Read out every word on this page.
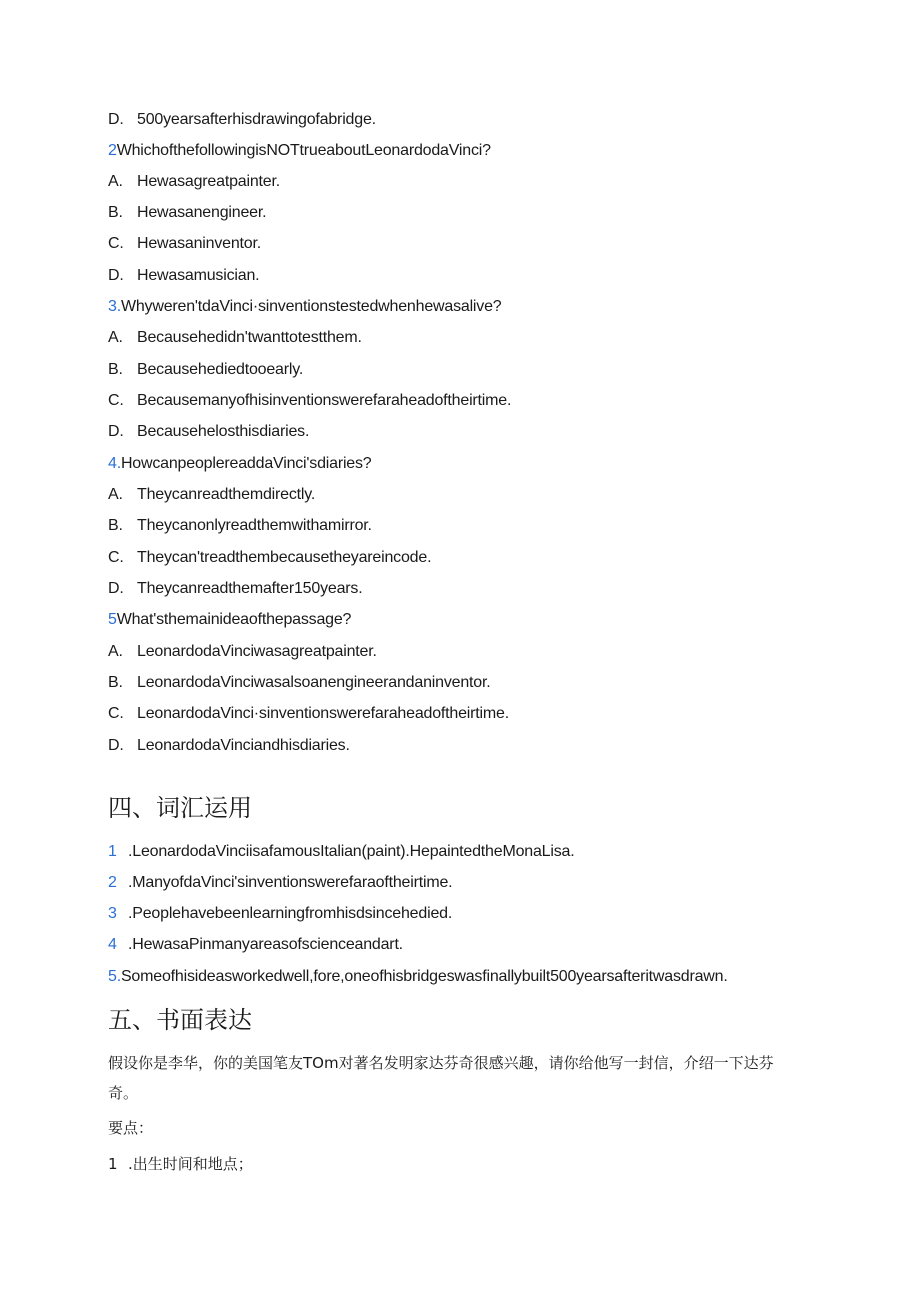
D. 500yearsafterhisdrawingofabridge.
2WhichofthefollowingisNOTtrueaboutLeonardodaVinci?
A. Hewasagreatpainter.
B. Hewasanengineer.
C. Hewasaninventor.
D. Hewasamusician.
3.Whyweren'tdaVinci·sinventionstestedwhenhewasalive?
A. Becausehedidn'twanttotestthem.
B. Becausehediedtooearly.
C. Becausemanyofhisinventionswerefaraheadoftheirtime.
D. Becausehelosthisdiaries.
4.HowcanpeoplereaddaVinci'sdiaries?
A. Theycanreadthemdirectly.
B. Theycanonlyreadthemwithamirror.
C. Theycan'treadthembecausetheyareincode.
D. Theycanreadthemafter150years.
5What'sthemainideaofthepassage?
A. LeonardodaVinciwasagreatpainter.
B. LeonardodaVinciwasalsoanengineerandaninventor.
C. LeonardodaVinci·sinventionswerefaraheadoftheirtime.
D. LeonardodaVinciandhisdiaries.
四、词汇运用
1 .LeonardodaVinciisafamousItalian(paint).HepaintedtheMonaLisa.
2 .ManyofdaVinci'sinventionswerefaraoftheirtime.
3 .Peoplehavebeenlearningfromhisdsincehedied.
4 .HewasaPinmanyareasofscienceandart.
5.Someofhisideasworkedwell,fore,oneofhisbridgeswasfinallybuilt500yearsafteritwasdrawn.
五、书面表达
假设你是李华，你的美国笔友TOm对著名发明家达芬奇很感兴趣，请你给他写一封信，介绍一下达芬
奇。
要点：
1 .出生时间和地点；
